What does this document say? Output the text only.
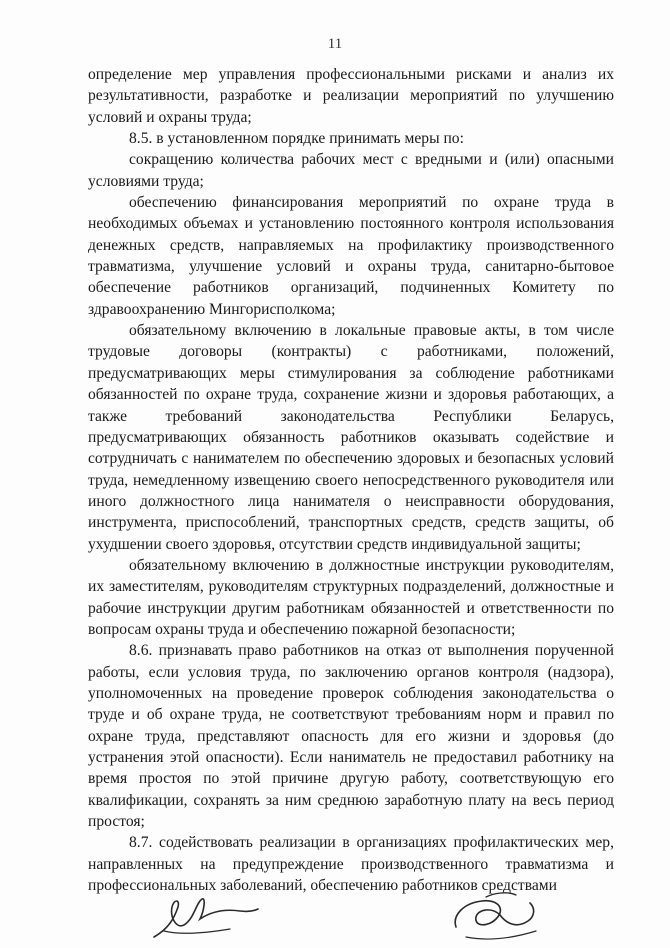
11

определение мер управления профессиональными рисками и анализ их результативности, разработке и реализации мероприятий по улучшению условий и охраны труда;

8.5. в установленном порядке принимать меры по:

сокращению количества рабочих мест с вредными и (или) опасными условиями труда;

обеспечению финансирования мероприятий по охране труда в необходимых объемах и установлению постоянного контроля использования денежных средств, направляемых на профилактику производственного травматизма, улучшение условий и охраны труда, санитарно-бытовое обеспечение работников организаций, подчиненных Комитету по здравоохранению Мингорисполкома;

обязательному включению в локальные правовые акты, в том числе трудовые договоры (контракты) с работниками, положений, предусматривающих меры стимулирования за соблюдение работниками обязанностей по охране труда, сохранение жизни и здоровья работающих, а также требований законодательства Республики Беларусь, предусматривающих обязанность работников оказывать содействие и сотрудничать с нанимателем по обеспечению здоровых и безопасных условий труда, немедленному извещению своего непосредственного руководителя или иного должностного лица нанимателя о неисправности оборудования, инструмента, приспособлений, транспортных средств, средств защиты, об ухудшении своего здоровья, отсутствии средств индивидуальной защиты;

обязательному включению в должностные инструкции руководителям, их заместителям, руководителям структурных подразделений, должностные и рабочие инструкции другим работникам обязанностей и ответственности по вопросам охраны труда и обеспечению пожарной безопасности;

8.6. признавать право работников на отказ от выполнения порученной работы, если условия труда, по заключению органов контроля (надзора), уполномоченных на проведение проверок соблюдения законодательства о труде и об охране труда, не соответствуют требованиям норм и правил по охране труда, представляют опасность для его жизни и здоровья (до устранения этой опасности). Если наниматель не предоставил работнику на время простоя по этой причине другую работу, соответствующую его квалификации, сохранять за ним среднюю заработную плату на весь период простоя;

8.7. содействовать реализации в организациях профилактических мер, направленных на предупреждение производственного травматизма и профессиональных заболеваний, обеспечению работников средствами
